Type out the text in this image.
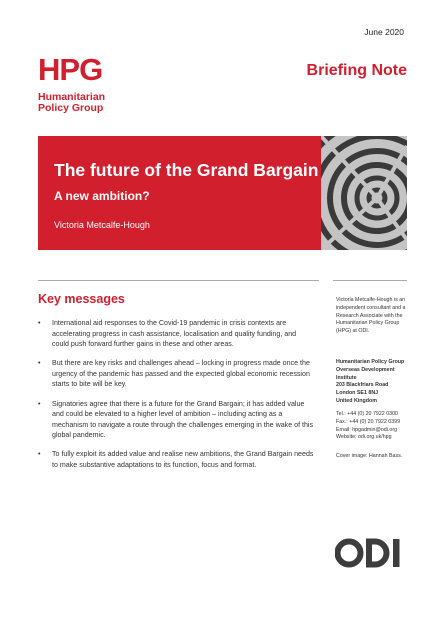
June 2020
HPG
Humanitarian
Policy Group
Briefing Note
The future of the Grand Bargain
A new ambition?
Victoria Metcalfe-Hough
Key messages
• International aid responses to the Covid-19 pandemic in crisis contexts are accelerating progress in cash assistance, localisation and quality funding, and could push forward further gains in these and other areas.
• But there are key risks and challenges ahead – locking in progress made once the urgency of the pandemic has passed and the expected global economic recession starts to bite will be key.
• Signatories agree that there is a future for the Grand Bargain; it has added value and could be elevated to a higher level of ambition – including acting as a mechanism to navigate a route through the challenges emerging in the wake of this global pandemic.
• To fully exploit its added value and realise new ambitions, the Grand Bargain needs to make substantive adaptations to its function, focus and format.
Victoria Metcalfe-Hough is an independent consultant and a Research Associate with the Humanitarian Policy Group (HPG) at ODI.
Humanitarian Policy Group
Overseas Development Institute
203 Blackfriars Road
London SE1 8NJ
United Kingdom
Tel.: +44 (0) 20 7922 0300
Fax.: +44 (0) 20 7922 0399
Email: hpgadmin@odi.org
Website: odi.org.uk/hpg
Cover image: Hannah Bass.
